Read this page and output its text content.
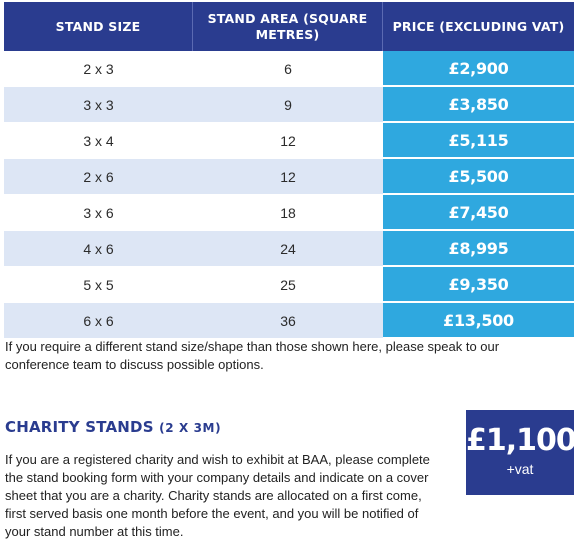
STAND SIZE	STAND AREA (SQUARE METRES)	PRICE (EXCLUDING VAT)
2 x 3	6	£2,900
3 x 3	9	£3,850
3 x 4	12	£5,115
2 x 6	12	£5,500
3 x 6	18	£7,450
4 x 6	24	£8,995
5 x 5	25	£9,350
6 x 6	36	£13,500

If you require a different stand size/shape than those shown here, please speak to our conference team to discuss possible options.

CHARITY STANDS (2 X 3M)

If you are a registered charity and wish to exhibit at BAA, please complete the stand booking form with your company details and indicate on a cover sheet that you are a charity. Charity stands are allocated on a first come, first served basis one month before the event, and you will be notified of your stand number at this time.

£1,100
+vat
